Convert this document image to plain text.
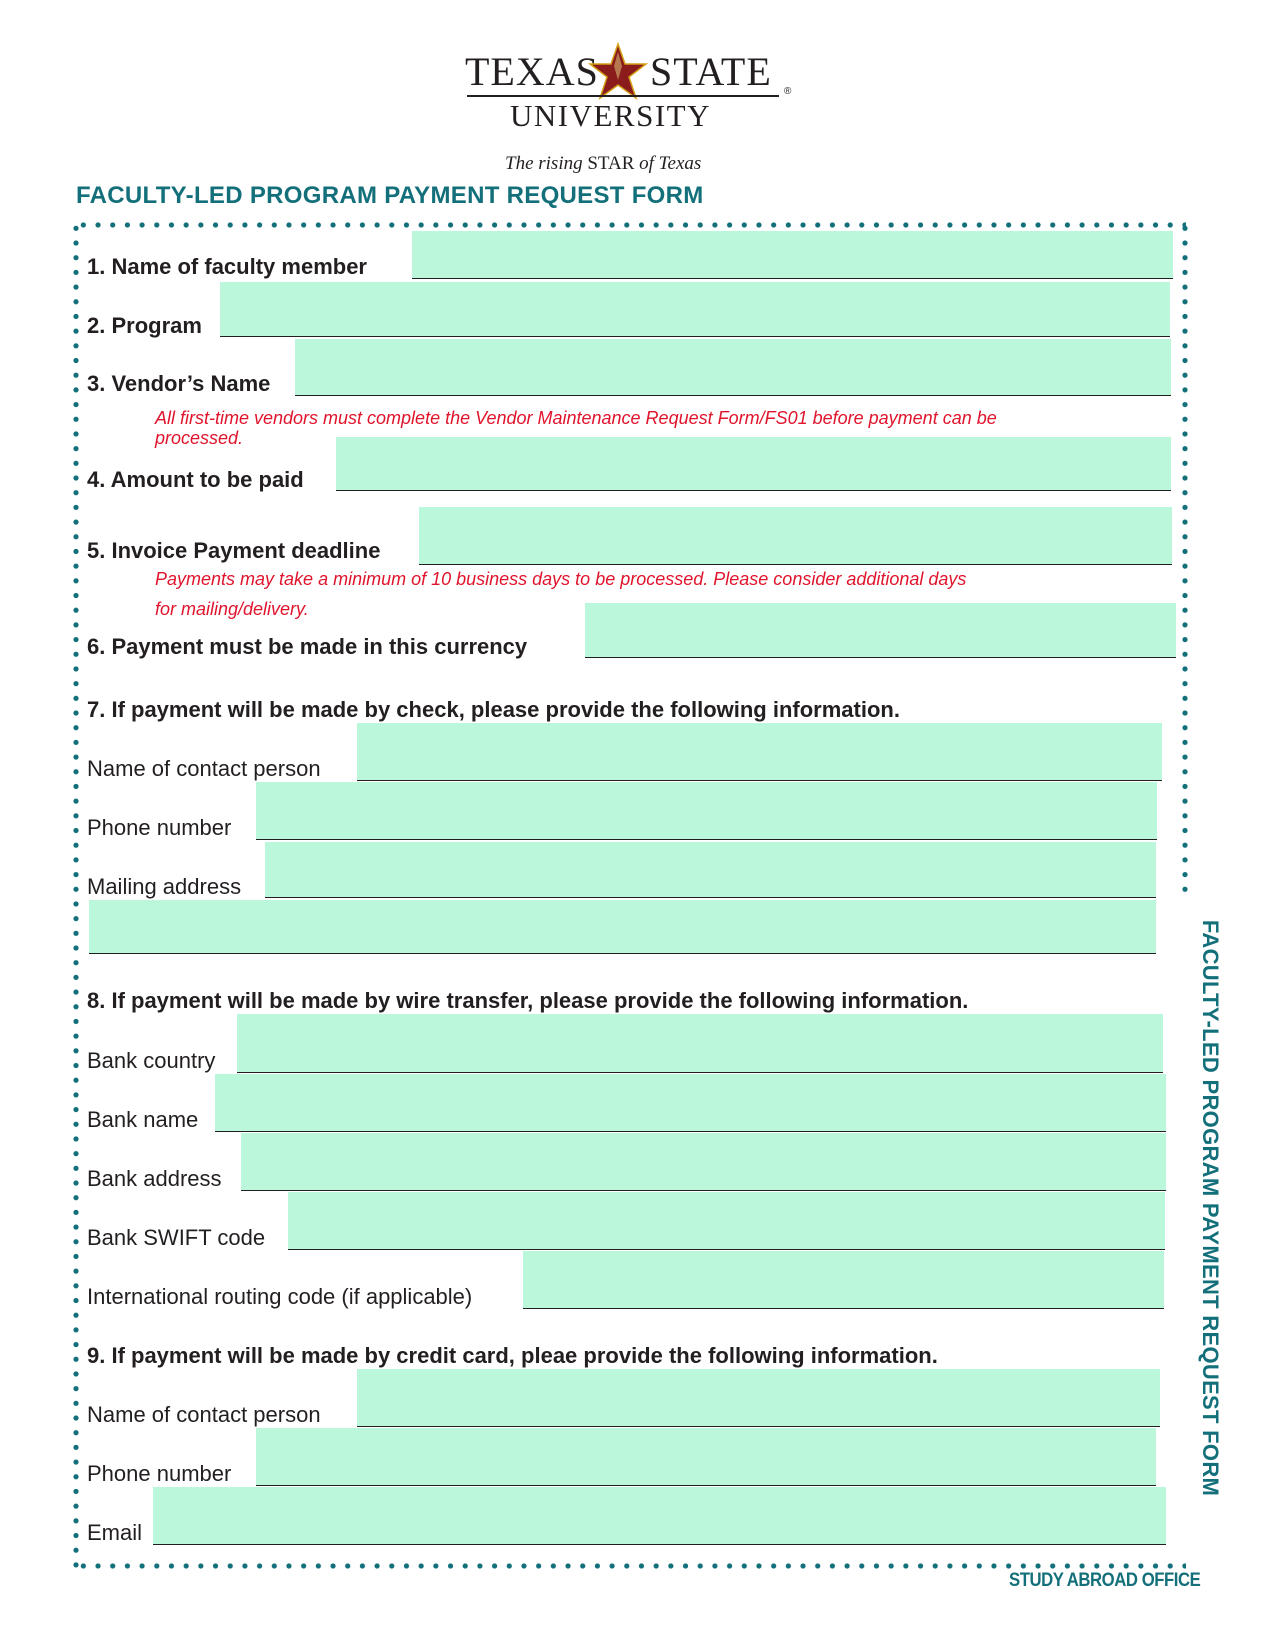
TEXAS STATE ®
UNIVERSITY
The rising STAR of Texas
FACULTY-LED PROGRAM PAYMENT REQUEST FORM
FACULTY-LED PROGRAM PAYMENT REQUEST FORM
STUDY ABROAD OFFICE
1. Name of faculty member
2. Program
3. Vendor’s Name
All first-time vendors must complete the Vendor Maintenance Request Form/FS01 before payment can be
processed.
4. Amount to be paid
5. Invoice Payment deadline
Payments may take a minimum of 10 business days to be processed. Please consider additional days
for mailing/delivery.
6. Payment must be made in this currency
7. If payment will be made by check, please provide the following information.
Name of contact person
Phone number
Mailing address
8. If payment will be made by wire transfer, please provide the following information.
Bank country
Bank name
Bank address
Bank SWIFT code
International routing code (if applicable)
9. If payment will be made by credit card, pleae provide the following information.
Name of contact person
Phone number
Email
